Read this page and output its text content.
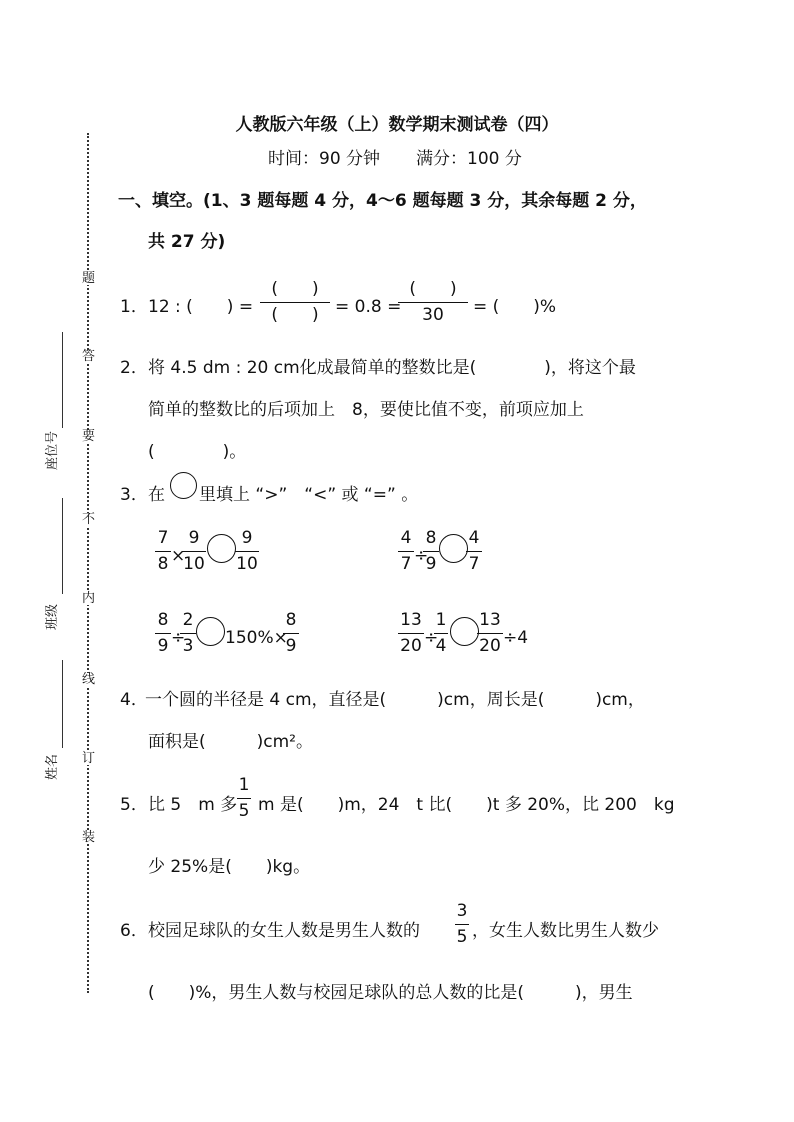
题
答
要
不
内
线
订
装
座位号
班级
姓名
人教版六年级（上）数学期末测试卷（四）
时间：90 分钟 满分：100 分
一、填空。(1、3 题每题 4 分，4～6 题每题 3 分，其余每题 2 分，
共 27 分)
1． 12 : (　　) =
(　　)
(　　) = 0.8 =
(　　)
30	= (　　)%
2． 将 4.5 dm : 20 cm化成最简单的整数比是(　　　　)，将这个最
简单的整数比的后项加上　8，要使比值不变，前项应加上
(　　　　)。
3． 在 里填上 “>”　“<” 或 “=” 。
$\frac{7}{8}$ ×
$\frac{9}{10} \frac{9}{10}$	$\frac{4}{7}$ ÷
$\frac{8}{9} \frac{4}{7}$
$\frac{8}{9}$ ÷
$\frac{2}{3} 150\%\times$
$\frac{8}{9}$	$\frac{13}{20}$ ÷
$\frac{1}{4} \frac{13}{20} \div 4$
4．
一个圆的半径是 4 cm，直径是(　　　)cm，周长是(　　　)cm，
面积是(　　　)cm²。
5． 比 5　m 多 $\frac{1}{5}$ m 是(　　)m，24　t 比(　　)t 多 20%，比 200　kg
少 25%是(　　)kg。
6． 校园足球队的女生人数是男生人数的 $\frac{3}{5}$ ，女生人数比男生人数少
(　　)%，男生人数与校园足球队的总人数的比是(　　　)，男生
